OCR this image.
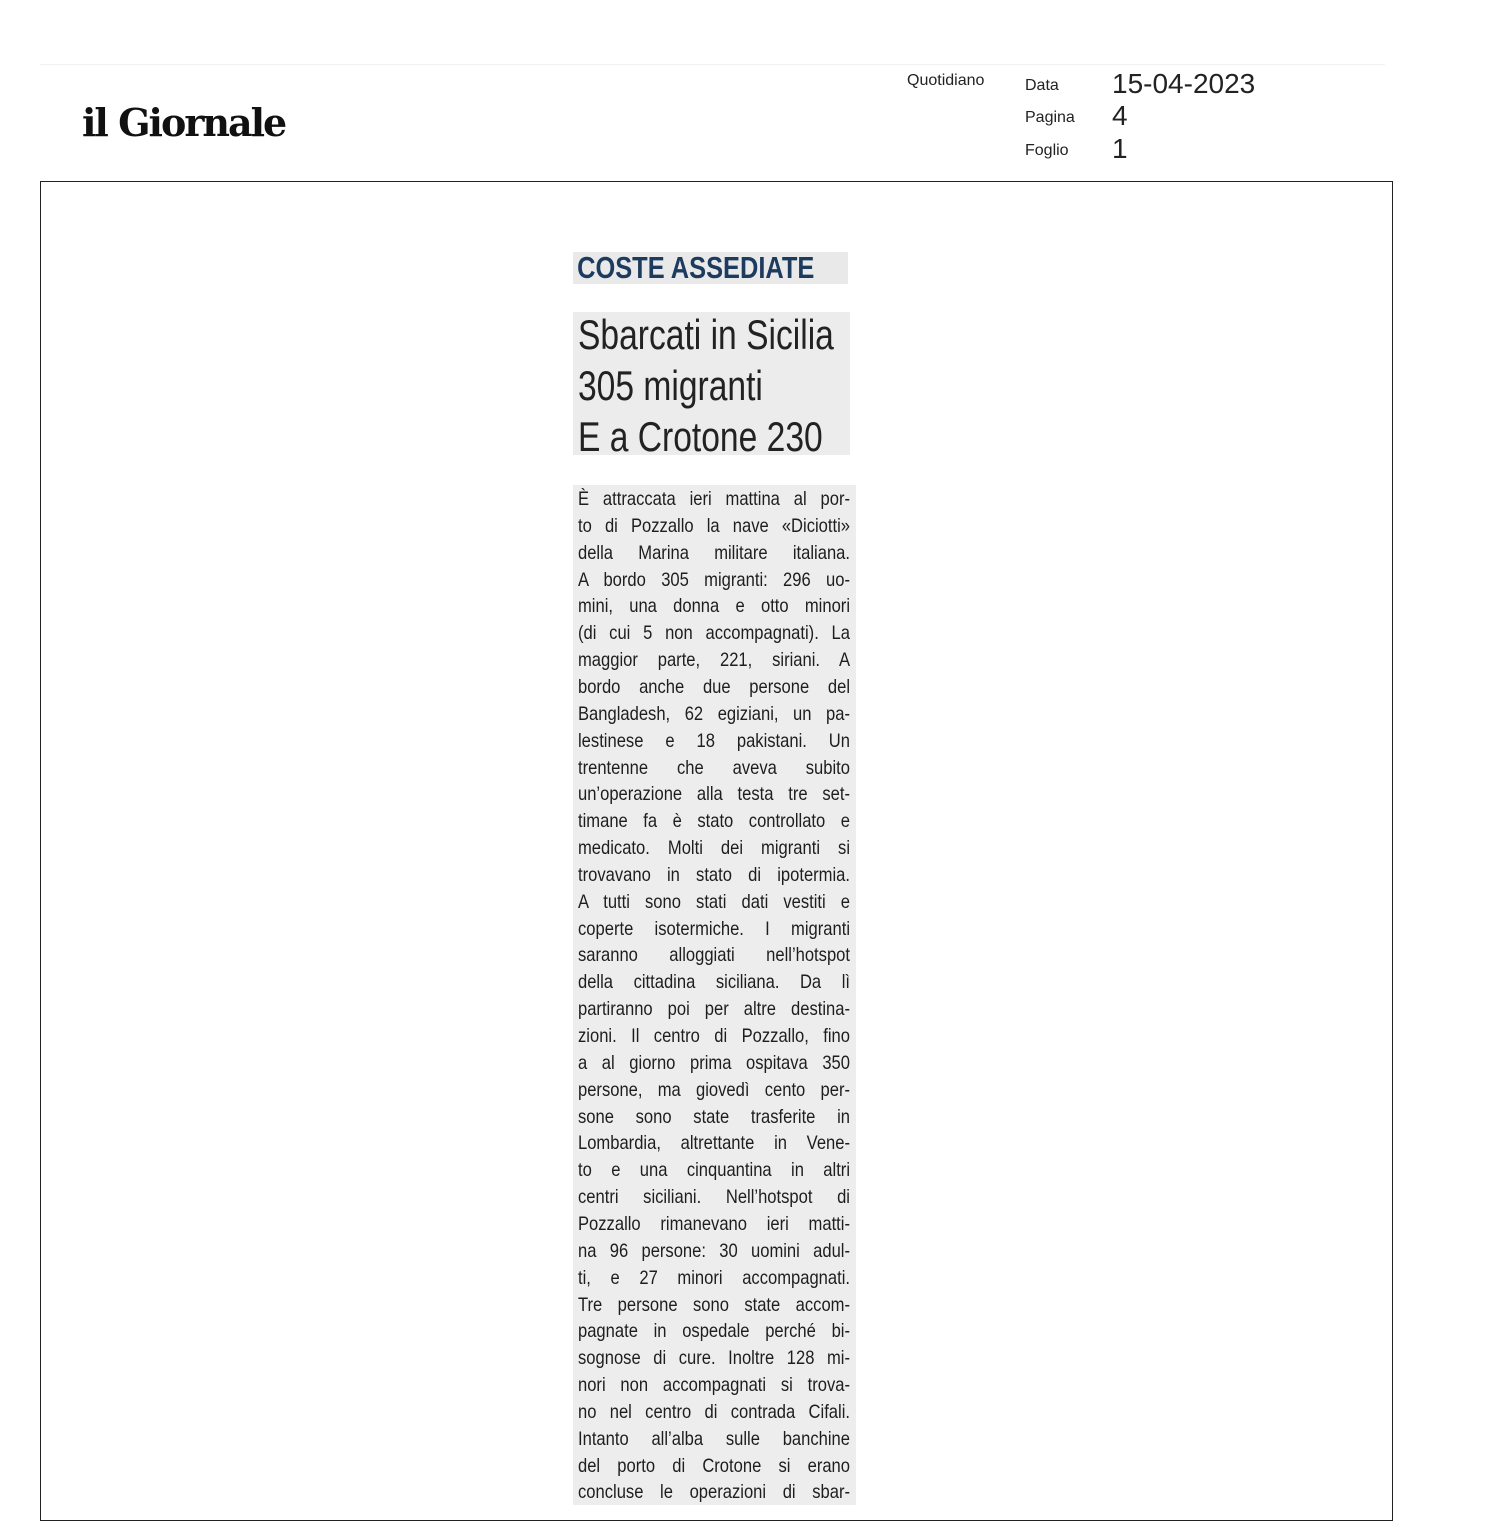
il Giornale
Quotidiano	Data 15-04-2023
Pagina 4
Foglio 1
COSTE ASSEDIATE
Sbarcati in Sicilia
305 migranti
E a Crotone 230
È attraccata ieri mattina al por-
to di Pozzallo la nave «Diciotti»
della Marina militare italiana.
A bordo 305 migranti: 296 uo-
mini, una donna e otto minori
(di cui 5 non accompagnati). La
maggior parte, 221, siriani. A
bordo anche due persone del
Bangladesh, 62 egiziani, un pa-
lestinese e 18 pakistani. Un
trentenne che aveva subito
un’operazione alla testa tre set-
timane fa è stato controllato e
medicato. Molti dei migranti si
trovavano in stato di ipotermia.
A tutti sono stati dati vestiti e
coperte isotermiche. I migranti
saranno alloggiati nell’hotspot
della cittadina siciliana. Da lì
partiranno poi per altre destina-
zioni. Il centro di Pozzallo, fino
a al giorno prima ospitava 350
persone, ma giovedì cento per-
sone sono state trasferite in
Lombardia, altrettante in Vene-
to e una cinquantina in altri
centri siciliani. Nell’hotspot di
Pozzallo rimanevano ieri matti-
na 96 persone: 30 uomini adul-
ti, e 27 minori accompagnati.
Tre persone sono state accom-
pagnate in ospedale perché bi-
sognose di cure. Inoltre 128 mi-
nori non accompagnati si trova-
no nel centro di contrada Cifali.
Intanto all’alba sulle banchine
del porto di Crotone si erano
concluse le operazioni di sbar-
